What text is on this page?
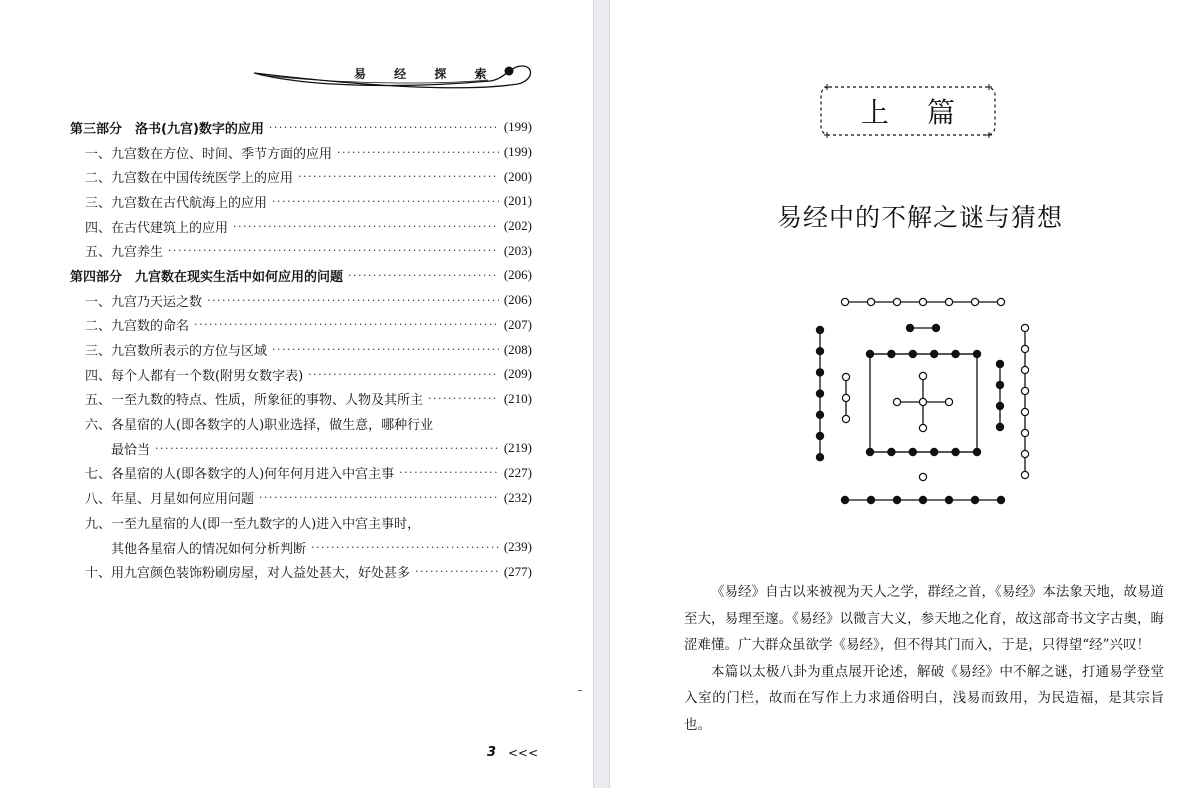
易 经 探 索
第三部分　洛书(九宫)数字的应用 ·····	(199)
一、九宫数在方位、时间、季节方面的应用 ·····	(199)
二、九宫数在中国传统医学上的应用 ·····	(200)
三、九宫数在古代航海上的应用 ·····	(201)
四、在古代建筑上的应用 ·····	(202)
五、九宫养生 ·····	(203)
第四部分　九宫数在现实生活中如何应用的问题 ·····	(206)
一、九宫乃天运之数 ·····	(206)
二、九宫数的命名 ·····	(207)
三、九宫数所表示的方位与区域 ·····	(208)
四、每个人都有一个数(附男女数字表) ·····	(209)
五、一至九数的特点、性质，所象征的事物、人物及其所主 ·····	(210)
六、各星宿的人(即各数字的人)职业选择，做生意，哪种行业
最恰当 ·····	(219)
七、各星宿的人(即各数字的人)何年何月进入中宫主事 ·····	(227)
八、年星、月星如何应用问题 ·····	(232)
九、一至九星宿的人(即一至九数字的人)进入中宫主事时，
其他各星宿人的情况如何分析判断 ·····	(239)
十、用九宫颜色装饰粉刷房屋，对人益处甚大，好处甚多 ·····	(277)
3 <<<
上篇
易经中的不解之谜与猜想

《易经》自古以来被视为天人之学，群经之首，《易经》本法象天地，故易道至大，易理至邃。《易经》以微言大义，参天地之化育，故这部奇书文字古奥，晦涩难懂。广大群众虽欲学《易经》，但不得其门而入，于是，只得望“经”兴叹！

本篇以太极八卦为重点展开论述，解破《易经》中不解之谜，打通易学登堂入室的门栏，故而在写作上力求通俗明白，浅易而致用，为民造福，是其宗旨也。
